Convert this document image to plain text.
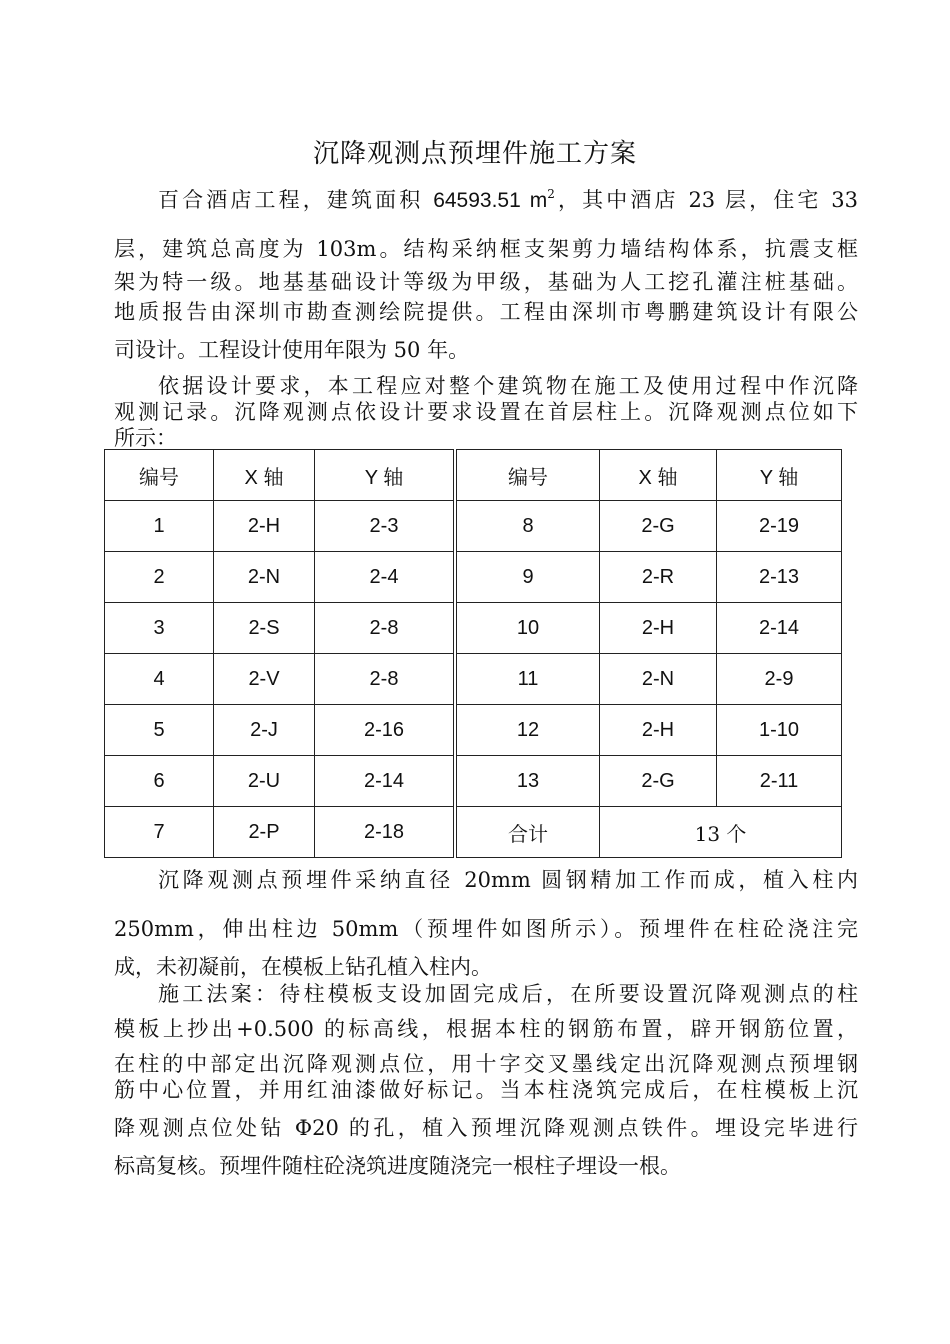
沉降观测点预埋件施工方案
百合酒店工程，建筑面积 64593.51 $m^2$，其中酒店 23 层，住宅 33
层，建筑总高度为 103m。结构采纳框支架剪力墙结构体系，抗震支框
架为特一级。地基基础设计等级为甲级，基础为人工挖孔灌注桩基础。
地质报告由深圳市勘查测绘院提供。工程由深圳市粤鹏建筑设计有限公
司设计。工程设计使用年限为 50 年。
依据设计要求，本工程应对整个建筑物在施工及使用过程中作沉降
观测记录。沉降观测点依设计要求设置在首层柱上。沉降观测点位如下
所示：
编号	X 轴	Y 轴
1	2-H	2-3
2	2-N	2-4
3	2-S	2-8
4	2-V	2-8
5	2-J	2-16
6	2-U	2-14
7	2-P	2-18
编号	X 轴	Y 轴
8	2-G	2-19
9	2-R	2-13
10	2-H	2-14
11	2-N	2-9
12	2-H	1-10
13	2-G	2-11
合计	13 个	
沉降观测点预埋件采纳直径 20mm 圆钢精加工作而成，植入柱内
250mm，伸出柱边 50mm（预埋件如图所示）。预埋件在柱砼浇注完
成，未初凝前，在模板上钻孔植入柱内。
施工法案：待柱模板支设加固完成后，在所要设置沉降观测点的柱
模板上抄出+0.500 的标高线，根据本柱的钢筋布置，辟开钢筋位置，
在柱的中部定出沉降观测点位，用十字交叉墨线定出沉降观测点预埋钢
筋中心位置，并用红油漆做好标记。当本柱浇筑完成后，在柱模板上沉
降观测点位处钻 Φ20 的孔，植入预埋沉降观测点铁件。埋设完毕进行
标高复核。预埋件随柱砼浇筑进度随浇完一根柱子埋设一根。
